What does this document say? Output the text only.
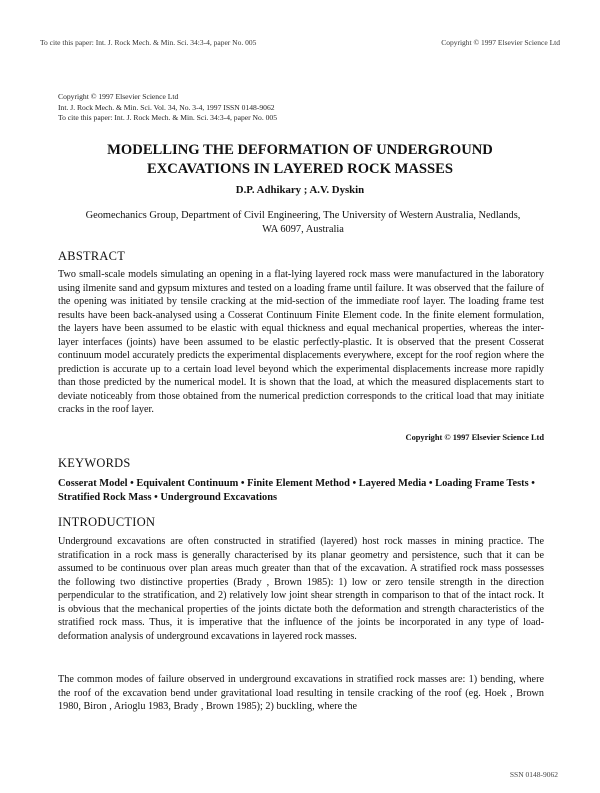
To cite this paper: Int. J. Rock Mech. & Min. Sci. 34:3-4, paper No. 005	Copyright © 1997 Elsevier Science Ltd
Copyright © 1997 Elsevier Science Ltd
Int. J. Rock Mech. & Min. Sci. Vol. 34, No. 3-4, 1997 ISSN 0148-9062
To cite this paper: Int. J. Rock Mech. & Min. Sci. 34:3-4, paper No. 005
MODELLING THE DEFORMATION OF UNDERGROUND
EXCAVATIONS IN LAYERED ROCK MASSES
D.P. Adhikary ; A.V. Dyskin
Geomechanics Group, Department of Civil Engineering, The University of Western Australia, Nedlands,
WA 6097, Australia
ABSTRACT
Two small-scale models simulating an opening in a flat-lying layered rock mass were manufactured in the laboratory using ilmenite sand and gypsum mixtures and tested on a loading frame until failure. It was observed that the failure of the opening was initiated by tensile cracking at the mid-section of the immediate roof layer. The loading frame test results have been back-analysed using a Cosserat Continuum Finite Element code. In the finite element formulation, the layers have been assumed to be elastic with equal thickness and equal mechanical properties, whereas the inter-layer interfaces (joints) have been assumed to be elastic perfectly-plastic. It is observed that the present Cosserat continuum model accurately predicts the experimental displacements everywhere, except for the roof region where the prediction is accurate up to a certain load level beyond which the experimental displacements increase more rapidly than those predicted by the numerical model. It is shown that the load, at which the measured displacements start to deviate noticeably from those obtained from the numerical prediction corresponds to the critical load that may initiate cracks in the roof layer.
Copyright © 1997 Elsevier Science Ltd
KEYWORDS
Cosserat Model • Equivalent Continuum • Finite Element Method • Layered Media • Loading Frame Tests • Stratified Rock Mass • Underground Excavations
INTRODUCTION
Underground excavations are often constructed in stratified (layered) host rock masses in mining practice. The stratification in a rock mass is generally characterised by its planar geometry and persistence, such that it can be assumed to be continuous over plan areas much greater than that of the excavation. A stratified rock mass possesses the following two distinctive properties (Brady , Brown 1985): 1) low or zero tensile strength in the direction perpendicular to the stratification, and 2) relatively low joint shear strength in comparison to that of the intact rock. It is obvious that the mechanical properties of the joints dictate both the deformation and strength characteristics of the stratified rock mass. Thus, it is imperative that the influence of the joints be incorporated in any type of load-deformation analysis of underground excavations in layered rock masses.
The common modes of failure observed in underground excavations in stratified rock masses are: 1) bending, where the roof of the excavation bend under gravitational load resulting in tensile cracking of the roof (eg. Hoek , Brown 1980, Biron , Arioglu 1983, Brady , Brown 1985); 2) buckling, where the
SSN 0148-9062
